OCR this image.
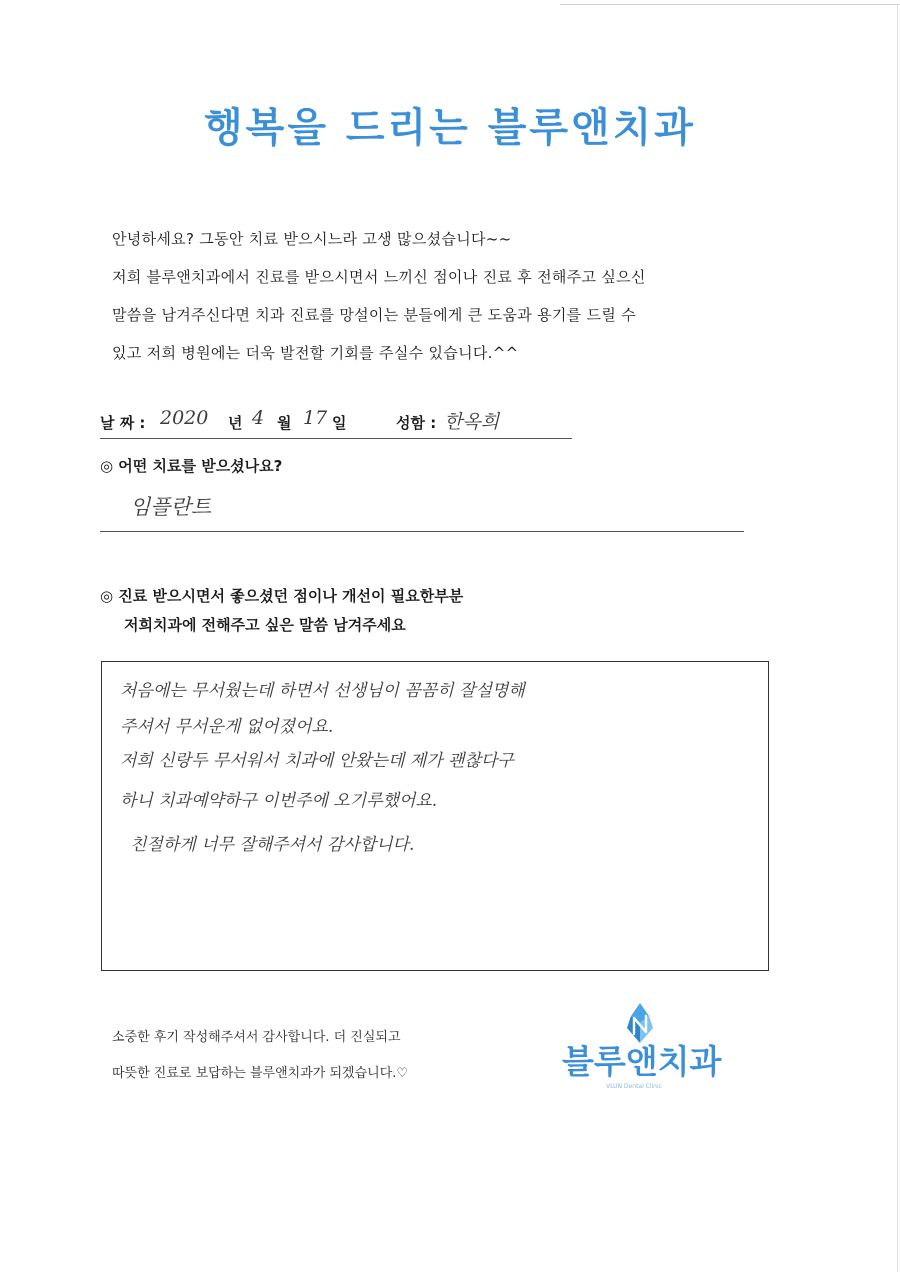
행복을 드리는 블루앤치과
안녕하세요? 그동안 치료 받으시느라 고생 많으셨습니다~~
저희 블루앤치과에서 진료를 받으시면서 느끼신 점이나 진료 후 전해주고 싶으신
말씀을 남겨주신다면 치과 진료를 망설이는 분들에게 큰 도움과 용기를 드릴 수
있고 저희 병원에는 더욱 발전할 기회를 주실수 있습니다.^^
날 짜 : 2020 년 4 월 17 일	성함 : 한옥희
◎ 어떤 치료를 받으셨나요?
임플란트
◎ 진료 받으시면서 좋으셨던 점이나 개선이 필요한부분
저희치과에 전해주고 싶은 말씀 남겨주세요
처음에는 무서웠는데 하면서 선생님이 꼼꼼히 잘설명해
주셔서 무서운게 없어졌어요.
저희 신랑두 무서워서 치과에 안왔는데 제가 괜찮다구
하니 치과예약하구 이번주에 오기루했어요.
친절하게 너무 잘해주셔서 감사합니다.
소중한 후기 작성해주셔서 감사합니다. 더 진실되고
따뜻한 진료로 보답하는 블루앤치과가 되겠습니다.♡	블루앤치과
VLUN Dental Clinic
